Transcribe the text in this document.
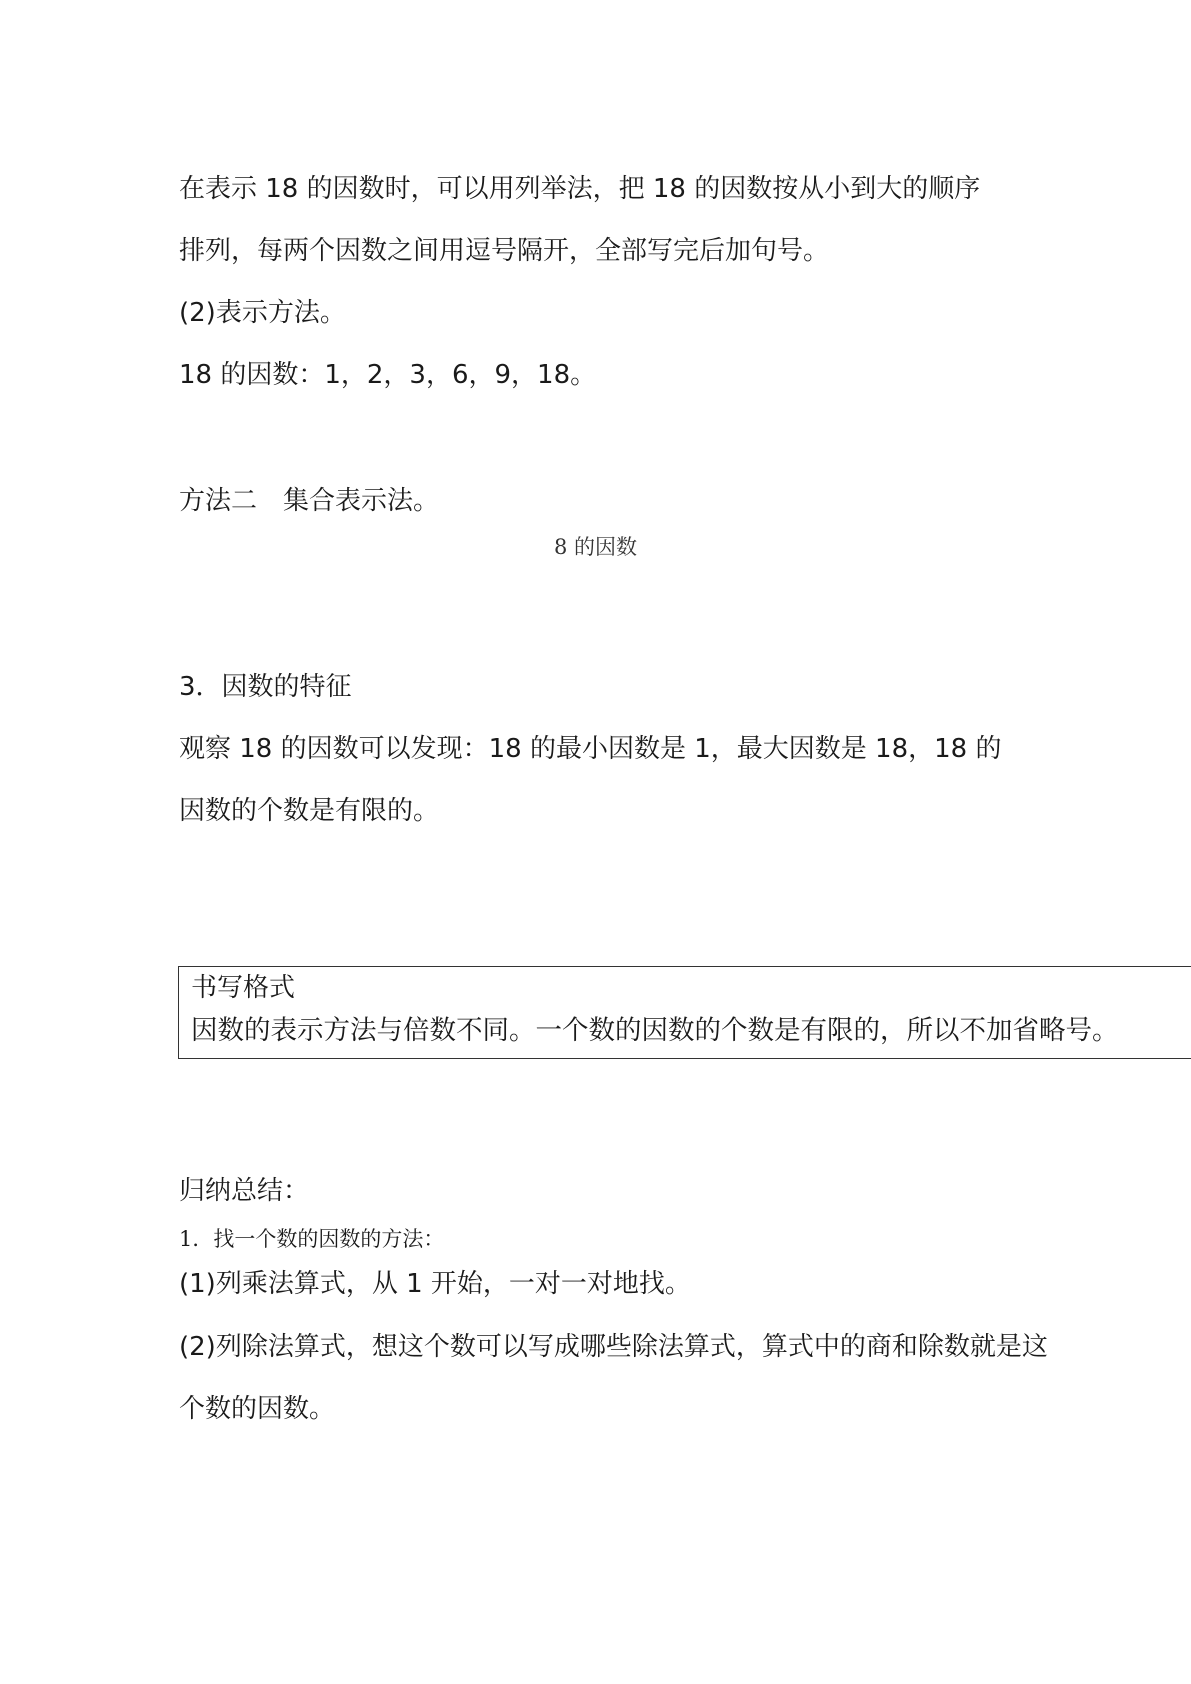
在表示 18 的因数时，可以用列举法，把 18 的因数按从小到大的顺序
排列，每两个因数之间用逗号隔开，全部写完后加句号。
(2)表示方法。
18 的因数：1，2，3，6，9，18。
方法二　集合表示法。
8 的因数
3．因数的特征
观察 18 的因数可以发现：18 的最小因数是 1，最大因数是 18，18 的
因数的个数是有限的。
书写格式
因数的表示方法与倍数不同。一个数的因数的个数是有限的，所以不加省略号。
归纳总结：
1．找一个数的因数的方法：
(1)列乘法算式，从 1 开始，一对一对地找。
(2)列除法算式，想这个数可以写成哪些除法算式，算式中的商和除数就是这
个数的因数。
